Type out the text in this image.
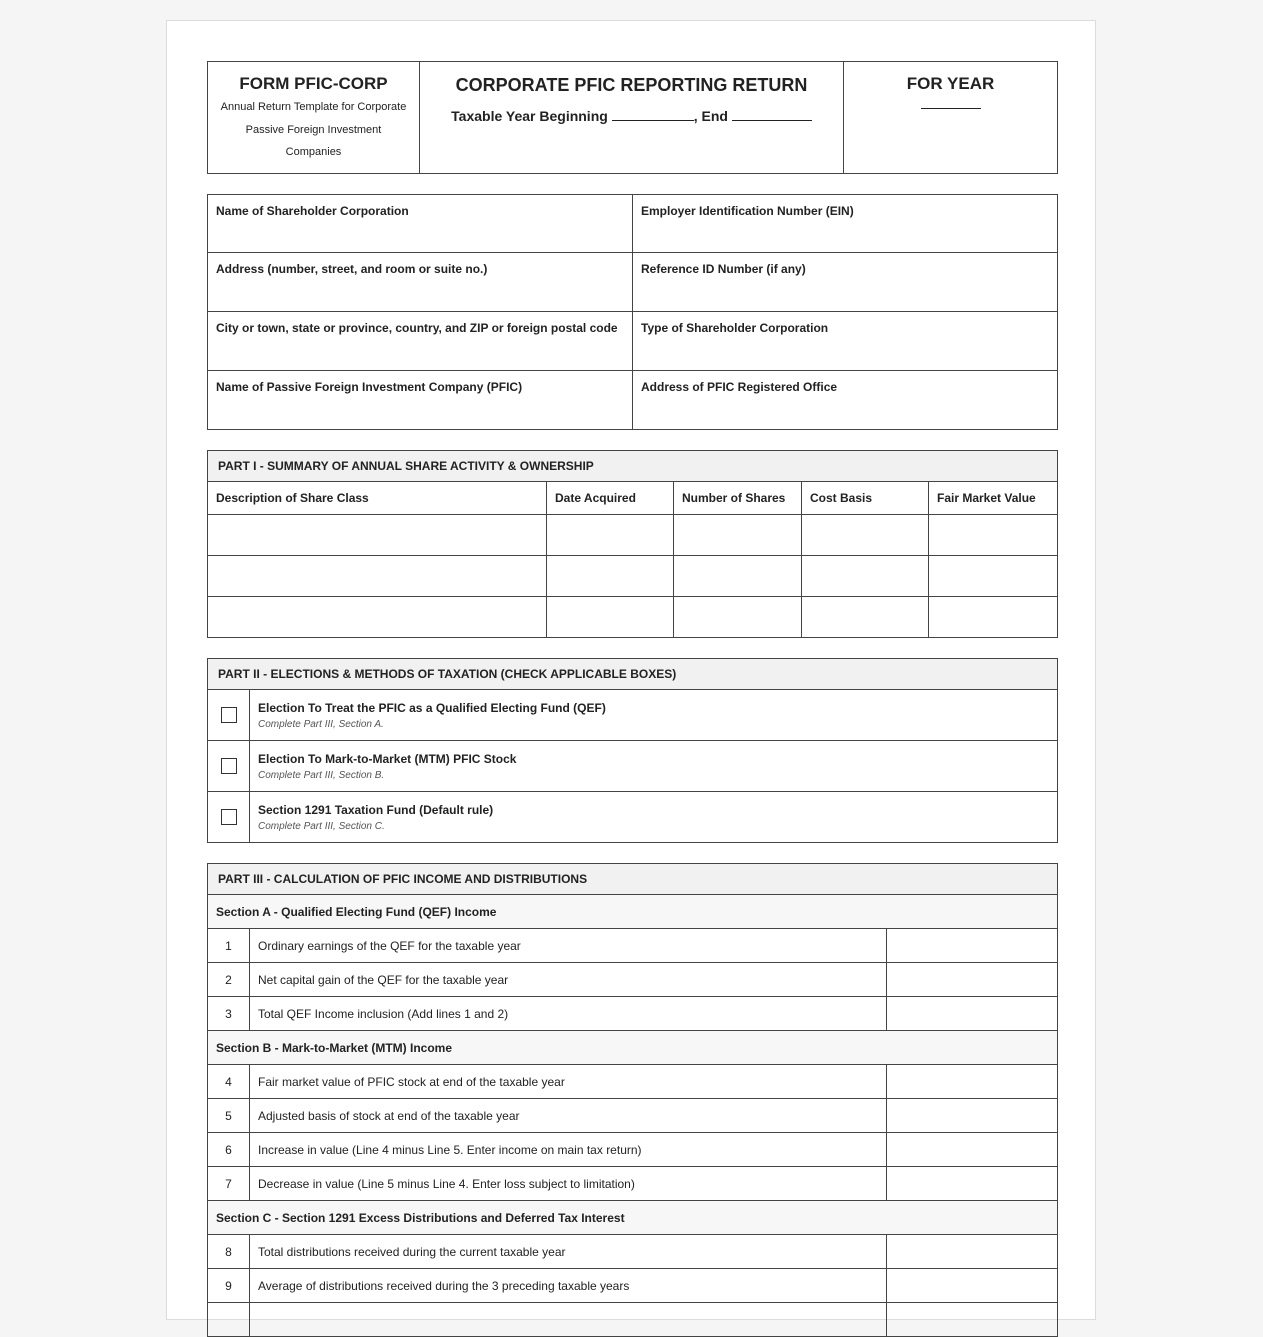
FORM PFIC-CORP
Annual Return Template for Corporate Passive Foreign Investment Companies

CORPORATE PFIC REPORTING RETURN
Taxable Year Beginning	, End

FOR YEAR
Name of Shareholder Corporation	Employer Identification Number (EIN)
Address (number, street, and room or suite no.)	Reference ID Number (if any)
City or town, state or province, country, and ZIP or foreign postal code	Type of Shareholder Corporation
Name of Passive Foreign Investment Company (PFIC)	Address of PFIC Registered Office
PART I - SUMMARY OF ANNUAL SHARE ACTIVITY & OWNERSHIP				
Description of Share Class	Date Acquired	Number of Shares	Cost Basis	Fair Market Value

PART II - ELECTIONS & METHODS OF TAXATION (CHECK APPLICABLE BOXES)	

	Election To Treat the PFIC as a Qualified Electing Fund (QEF)
Complete Part III, Section A.

	Election To Mark-to-Market (MTM) PFIC Stock
Complete Part III, Section B.

	Section 1291 Taxation Fund (Default rule)
Complete Part III, Section C.
PART III - CALCULATION OF PFIC INCOME AND DISTRIBUTIONS		
Section A - Qualified Electing Fund (QEF) Income		
1	Ordinary earnings of the QEF for the taxable year	
2	Net capital gain of the QEF for the taxable year	
3	Total QEF Income inclusion (Add lines 1 and 2)	
Section B - Mark-to-Market (MTM) Income		
4	Fair market value of PFIC stock at end of the taxable year	
5	Adjusted basis of stock at end of the taxable year	
6	Increase in value (Line 4 minus Line 5. Enter income on main tax return)	
7	Decrease in value (Line 5 minus Line 4. Enter loss subject to limitation)	
Section C - Section 1291 Excess Distributions and Deferred Tax Interest		
8	Total distributions received during the current taxable year	
9	Average of distributions received during the 3 preceding taxable years	
